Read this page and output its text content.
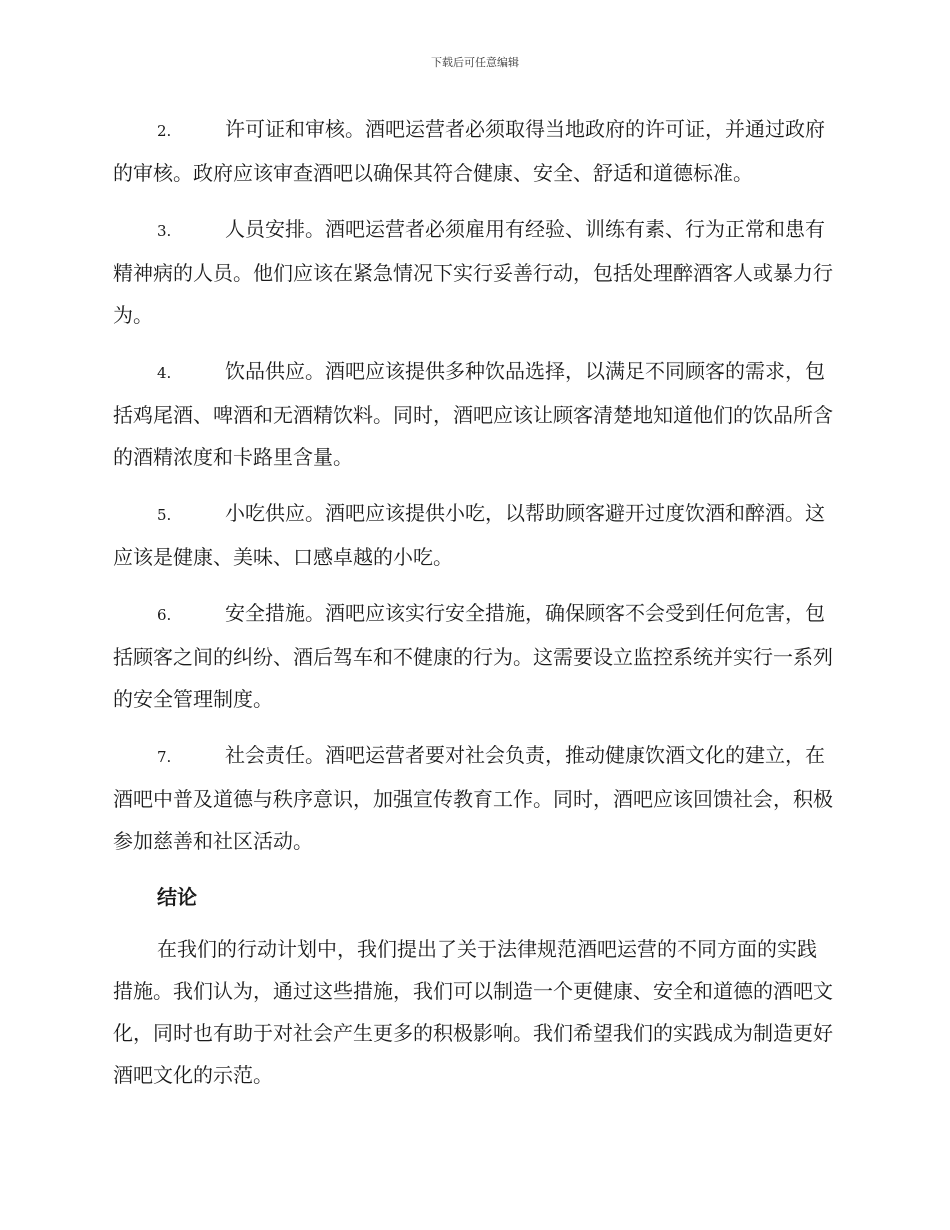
下载后可任意编辑

2.	许可证和审核。酒吧运营者必须取得当地政府的许可证，并通过政府的审核。政府应该审查酒吧以确保其符合健康、安全、舒适和道德标准。

3.	人员安排。酒吧运营者必须雇用有经验、训练有素、行为正常和患有精神病的人员。他们应该在紧急情况下实行妥善行动，包括处理醉酒客人或暴力行为。

4.	饮品供应。酒吧应该提供多种饮品选择，以满足不同顾客的需求，包括鸡尾酒、啤酒和无酒精饮料。同时，酒吧应该让顾客清楚地知道他们的饮品所含的酒精浓度和卡路里含量。

5.	小吃供应。酒吧应该提供小吃，以帮助顾客避开过度饮酒和醉酒。这应该是健康、美味、口感卓越的小吃。

6.	安全措施。酒吧应该实行安全措施，确保顾客不会受到任何危害，包括顾客之间的纠纷、酒后驾车和不健康的行为。这需要设立监控系统并实行一系列的安全管理制度。

7.	社会责任。酒吧运营者要对社会负责，推动健康饮酒文化的建立，在酒吧中普及道德与秩序意识，加强宣传教育工作。同时，酒吧应该回馈社会，积极参加慈善和社区活动。

结论

在我们的行动计划中，我们提出了关于法律规范酒吧运营的不同方面的实践措施。我们认为，通过这些措施，我们可以制造一个更健康、安全和道德的酒吧文化，同时也有助于对社会产生更多的积极影响。我们希望我们的实践成为制造更好酒吧文化的示范。
